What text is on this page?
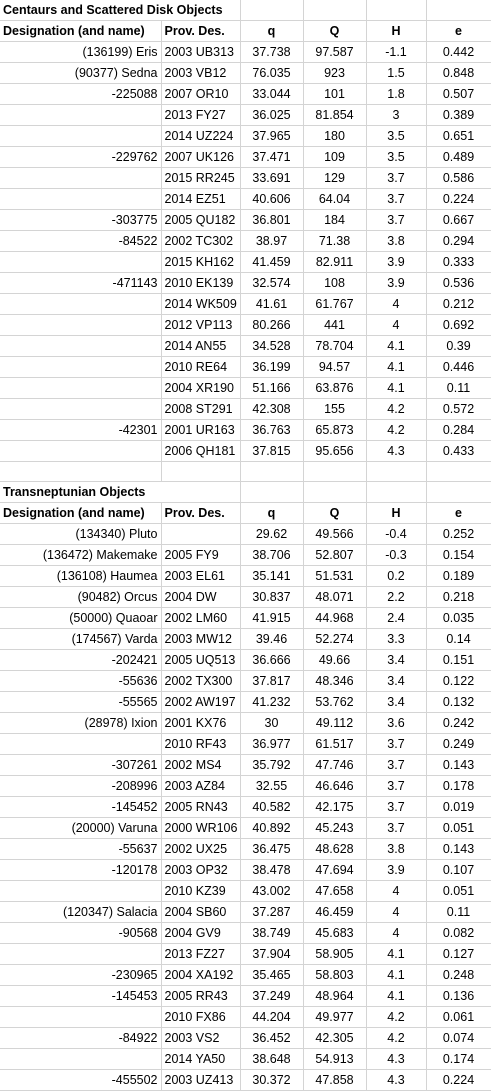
Centaurs and Scattered Disk Objects					
Designation (and name)	Prov. Des.	q	Q	H	e
(136199) Eris	2003 UB313	37.738	97.587	-1.1	0.442
(90377) Sedna	2003 VB12	76.035	923	1.5	0.848
-225088	2007 OR10	33.044	101	1.8	0.507
	2013 FY27	36.025	81.854	3	0.389
	2014 UZ224	37.965	180	3.5	0.651
-229762	2007 UK126	37.471	109	3.5	0.489
	2015 RR245	33.691	129	3.7	0.586
	2014 EZ51	40.606	64.04	3.7	0.224
-303775	2005 QU182	36.801	184	3.7	0.667
-84522	2002 TC302	38.97	71.38	3.8	0.294
	2015 KH162	41.459	82.911	3.9	0.333
-471143	2010 EK139	32.574	108	3.9	0.536
	2014 WK509	41.61	61.767	4	0.212
	2012 VP113	80.266	441	4	0.692
	2014 AN55	34.528	78.704	4.1	0.39
	2010 RE64	36.199	94.57	4.1	0.446
	2004 XR190	51.166	63.876	4.1	0.11
	2008 ST291	42.308	155	4.2	0.572
-42301	2001 UR163	36.763	65.873	4.2	0.284
	2006 QH181	37.815	95.656	4.3	0.433

Transneptunian Objects					
Designation (and name)	Prov. Des.	q	Q	H	e
(134340) Pluto		29.62	49.566	-0.4	0.252
(136472) Makemake	2005 FY9	38.706	52.807	-0.3	0.154
(136108) Haumea	2003 EL61	35.141	51.531	0.2	0.189
(90482) Orcus	2004 DW	30.837	48.071	2.2	0.218
(50000) Quaoar	2002 LM60	41.915	44.968	2.4	0.035
(174567) Varda	2003 MW12	39.46	52.274	3.3	0.14
-202421	2005 UQ513	36.666	49.66	3.4	0.151
-55636	2002 TX300	37.817	48.346	3.4	0.122
-55565	2002 AW197	41.232	53.762	3.4	0.132
(28978) Ixion	2001 KX76	30	49.112	3.6	0.242
	2010 RF43	36.977	61.517	3.7	0.249
-307261	2002 MS4	35.792	47.746	3.7	0.143
-208996	2003 AZ84	32.55	46.646	3.7	0.178
-145452	2005 RN43	40.582	42.175	3.7	0.019
(20000) Varuna	2000 WR106	40.892	45.243	3.7	0.051
-55637	2002 UX25	36.475	48.628	3.8	0.143
-120178	2003 OP32	38.478	47.694	3.9	0.107
	2010 KZ39	43.002	47.658	4	0.051
(120347) Salacia	2004 SB60	37.287	46.459	4	0.11
-90568	2004 GV9	38.749	45.683	4	0.082
	2013 FZ27	37.904	58.905	4.1	0.127
-230965	2004 XA192	35.465	58.803	4.1	0.248
-145453	2005 RR43	37.249	48.964	4.1	0.136
	2010 FX86	44.204	49.977	4.2	0.061
-84922	2003 VS2	36.452	42.305	4.2	0.074
	2014 YA50	38.648	54.913	4.3	0.174
-455502	2003 UZ413	30.372	47.858	4.3	0.224
